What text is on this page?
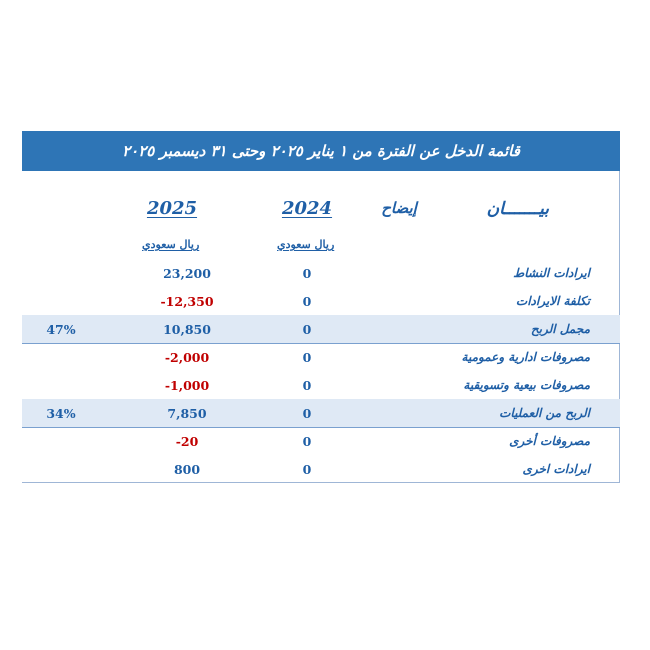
قائمة الدخل عن الفترة من ١ يناير ٢٠٢٥ وحتى ٣١ ديسمبر ٢٠٢٥
بيـــــــان
إيضاح
2024
2025
ريال سعودي
ريال سعودي
ايرادات النشاط
0
23,200
تكلفة الايرادات
0
-12,350
مجمل الربح
0
10,850
47%
مصروفات ادارية وعمومية
0
-2,000
مصروفات بيعية وتسويقية
0
-1,000
الربح من العمليات
0
7,850
34%
مصروفات أخرى
0
-20
ايرادات اخرى
0
800
